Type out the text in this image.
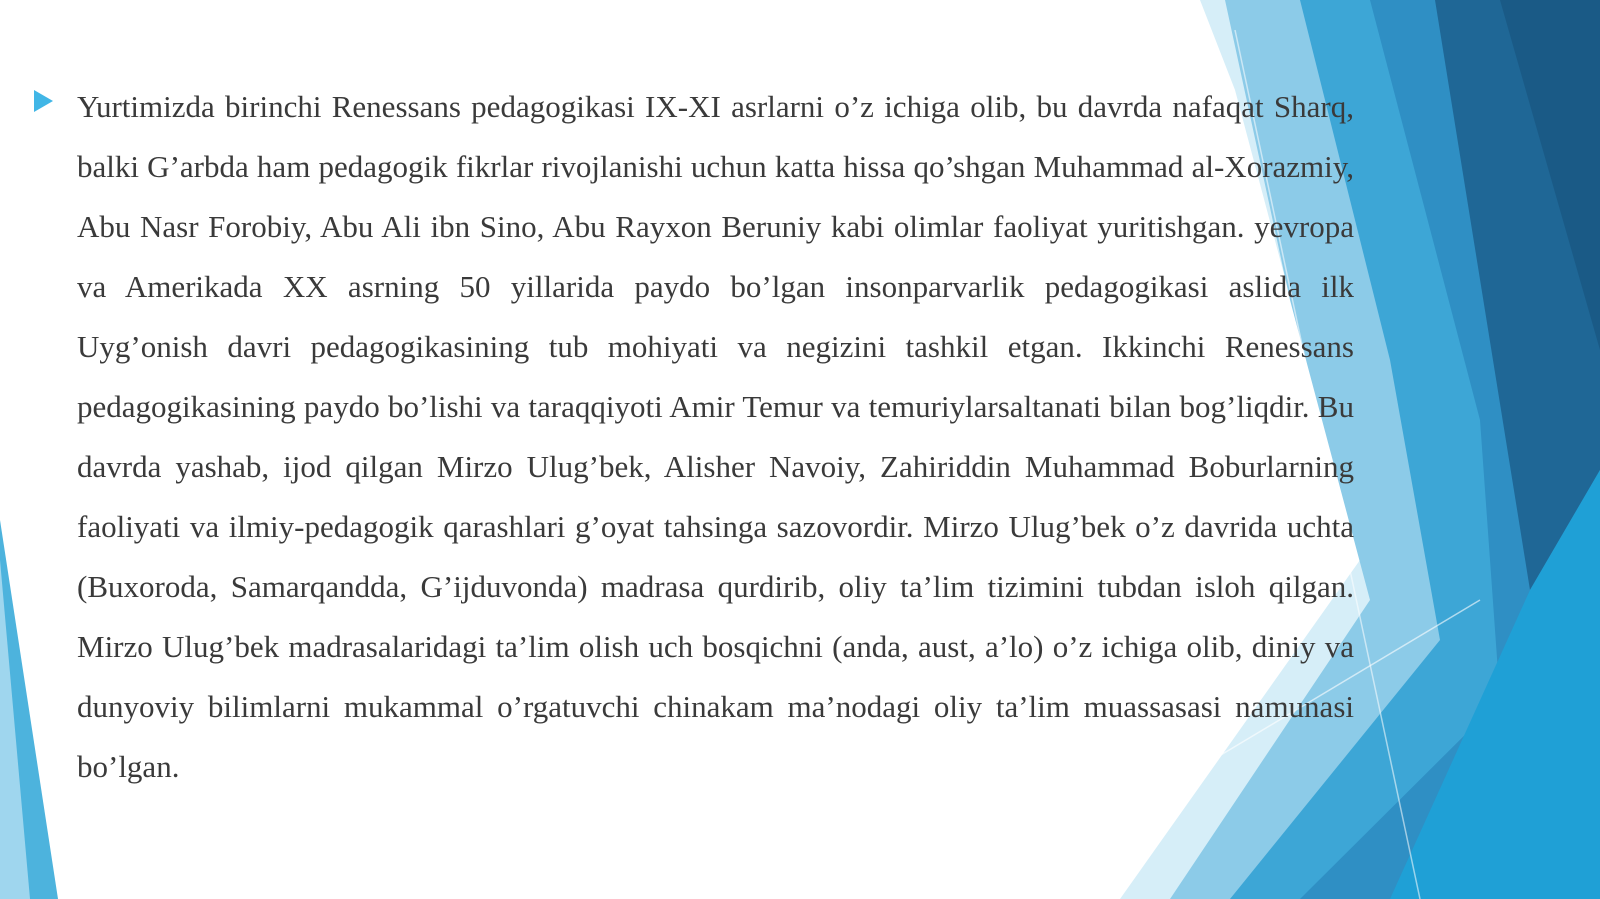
Yurtimizda birinchi Renessans pedagogikasi IX-XI asrlarni o’z ichiga olib, bu davrda nafaqat Sharq, balki G’arbda ham pedagogik fikrlar rivojlanishi uchun katta hissa qo’shgan Muhammad al-Xorazmiy, Abu Nasr Forobiy, Abu Ali ibn Sino, Abu Rayxon Beruniy kabi olimlar faoliyat yuritishgan. yevropa va Amerikada XX asrning 50 yillarida paydo bo’lgan insonparvarlik pedagogikasi aslida ilk Uyg’onish davri pedagogikasining tub mohiyati va negizini tashkil etgan. Ikkinchi Renessans pedagogikasining paydo bo’lishi va taraqqiyoti Amir Temur va temuriylarsaltanati bilan bog’liqdir. Bu davrda yashab, ijod qilgan Mirzo Ulug’bek, Alisher Navoiy, Zahiriddin Muhammad Boburlarning faoliyati va ilmiy-pedagogik qarashlari g’oyat tahsinga sazovordir. Mirzo Ulug’bek o’z davrida uchta (Buxoroda, Samarqandda, G’ijduvonda) madrasa qurdirib, oliy ta’lim tizimini tubdan isloh qilgan. Mirzo Ulug’bek madrasalaridagi ta’lim olish uch bosqichni (anda, aust, a’lo) o’z ichiga olib, diniy va dunyoviy bilimlarni mukammal o’rgatuvchi chinakam ma’nodagi oliy ta’lim muassasasi namunasi bo’lgan.
